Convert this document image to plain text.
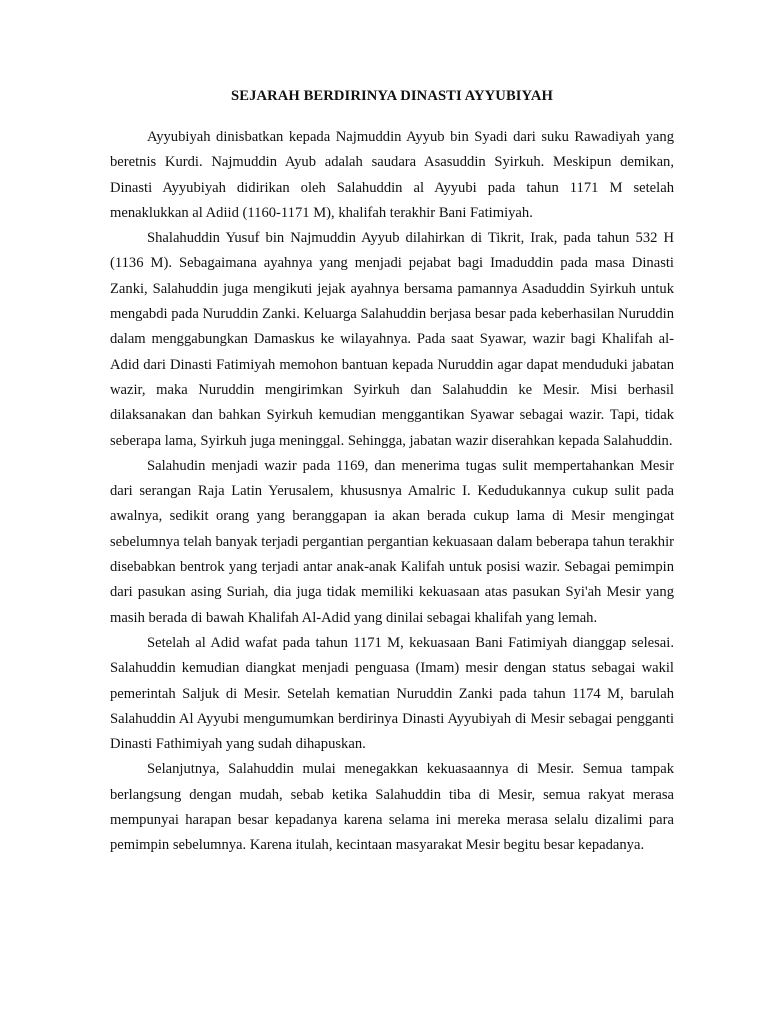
SEJARAH BERDIRINYA DINASTI AYYUBIYAH

Ayyubiyah dinisbatkan kepada Najmuddin Ayyub bin Syadi dari suku Rawadiyah yang beretnis Kurdi. Najmuddin Ayub adalah saudara Asasuddin Syirkuh. Meskipun demikan, Dinasti Ayyubiyah didirikan oleh Salahuddin al Ayyubi pada tahun 1171 M setelah menaklukkan al Adiid (1160-1171 M), khalifah terakhir Bani Fatimiyah.

Shalahuddin Yusuf bin Najmuddin Ayyub dilahirkan di Tikrit, Irak, pada tahun 532 H (1136 M). Sebagaimana ayahnya yang menjadi pejabat bagi Imaduddin pada masa Dinasti Zanki, Salahuddin juga mengikuti jejak ayahnya bersama pamannya Asaduddin Syirkuh untuk mengabdi pada Nuruddin Zanki. Keluarga Salahuddin berjasa besar pada keberhasilan Nuruddin dalam menggabungkan Damaskus ke wilayahnya. Pada saat Syawar, wazir bagi Khalifah al-Adid dari Dinasti Fatimiyah memohon bantuan kepada Nuruddin agar dapat menduduki jabatan wazir, maka Nuruddin mengirimkan Syirkuh dan Salahuddin ke Mesir. Misi berhasil dilaksanakan dan bahkan Syirkuh kemudian menggantikan Syawar sebagai wazir. Tapi, tidak seberapa lama, Syirkuh juga meninggal. Sehingga, jabatan wazir diserahkan kepada Salahuddin.

Salahudin menjadi wazir pada 1169, dan menerima tugas sulit mempertahankan Mesir dari serangan Raja Latin Yerusalem, khususnya Amalric I. Kedudukannya cukup sulit pada awalnya, sedikit orang yang beranggapan ia akan berada cukup lama di Mesir mengingat sebelumnya telah banyak terjadi pergantian pergantian kekuasaan dalam beberapa tahun terakhir disebabkan bentrok yang terjadi antar anak-anak Kalifah untuk posisi wazir. Sebagai pemimpin dari pasukan asing Suriah, dia juga tidak memiliki kekuasaan atas pasukan Syi'ah Mesir yang masih berada di bawah Khalifah Al-Adid yang dinilai sebagai khalifah yang lemah.

Setelah al Adid wafat pada tahun 1171 M, kekuasaan Bani Fatimiyah dianggap selesai. Salahuddin kemudian diangkat menjadi penguasa (Imam) mesir dengan status sebagai wakil pemerintah Saljuk di Mesir. Setelah kematian Nuruddin Zanki pada tahun 1174 M, barulah Salahuddin Al Ayyubi mengumumkan berdirinya Dinasti Ayyubiyah di Mesir sebagai pengganti Dinasti Fathimiyah yang sudah dihapuskan.

Selanjutnya, Salahuddin mulai menegakkan kekuasaannya di Mesir. Semua tampak berlangsung dengan mudah, sebab ketika Salahuddin tiba di Mesir, semua rakyat merasa mempunyai harapan besar kepadanya karena selama ini mereka merasa selalu dizalimi para pemimpin sebelumnya. Karena itulah, kecintaan masyarakat Mesir begitu besar kepadanya.
